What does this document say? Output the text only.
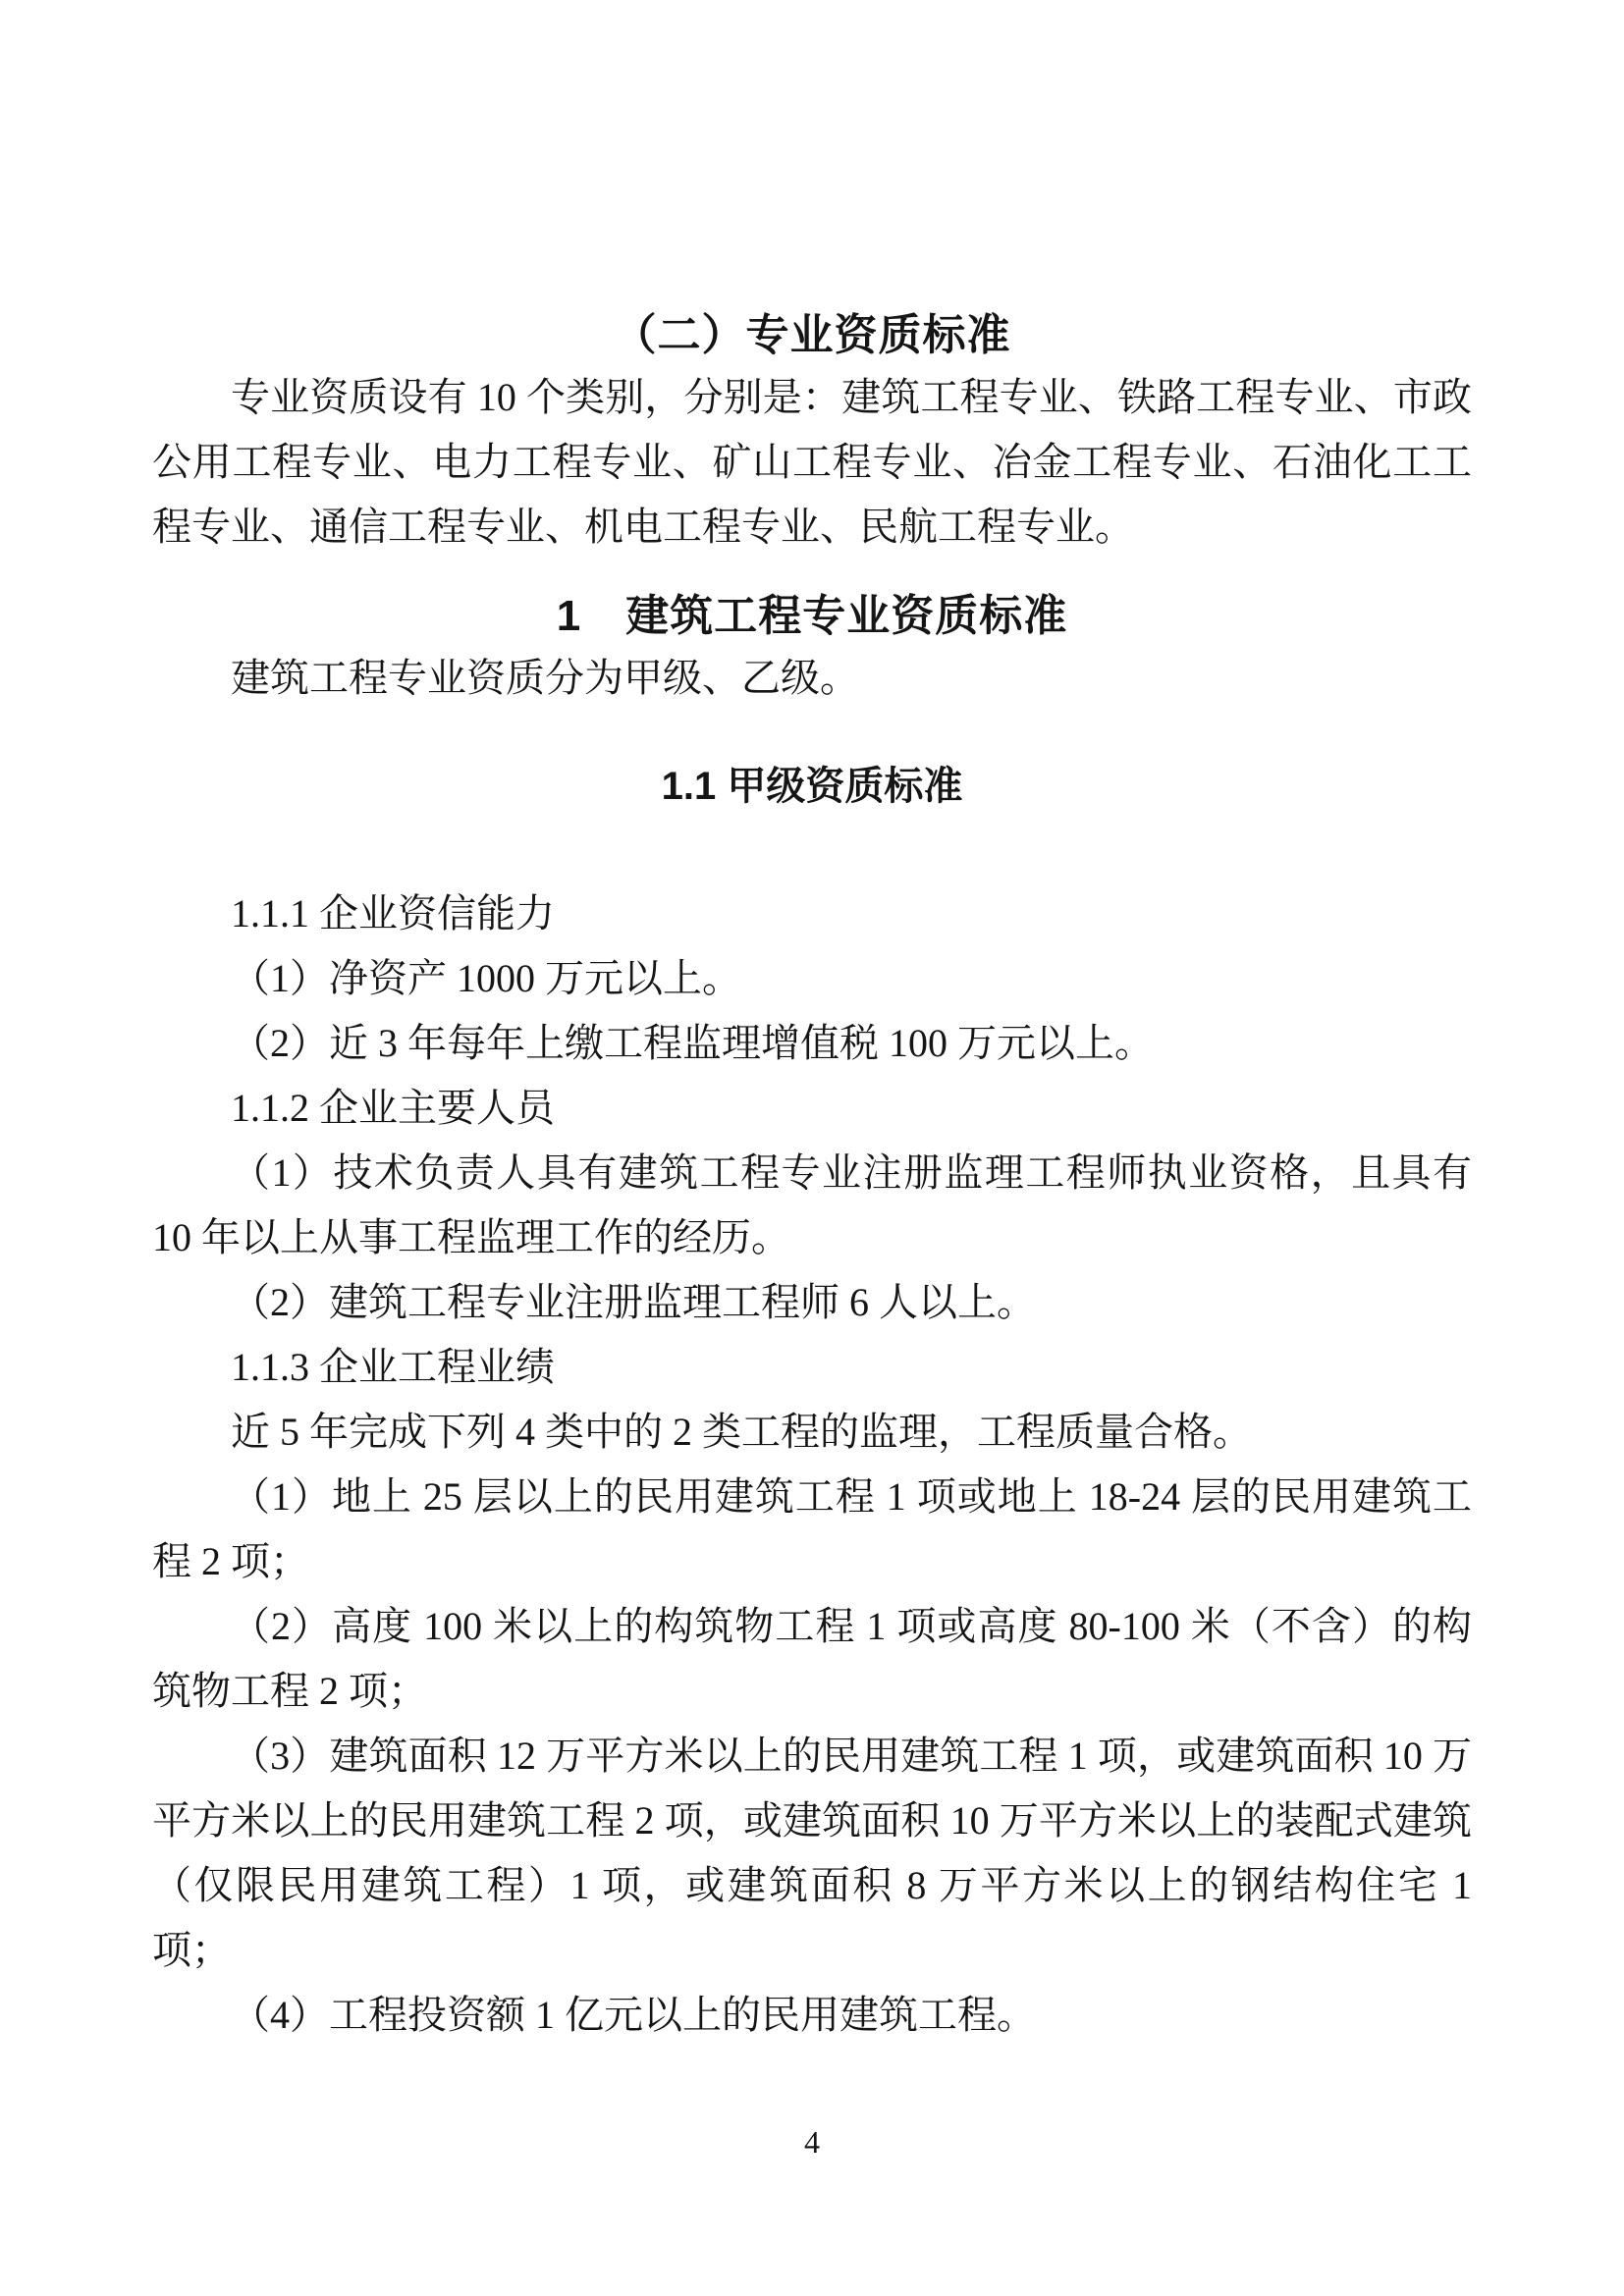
（二）专业资质标准

专业资质设有 10 个类别，分别是：建筑工程专业、铁路工程专业、市政公用工程专业、电力工程专业、矿山工程专业、冶金工程专业、石油化工工程专业、通信工程专业、机电工程专业、民航工程专业。

1　建筑工程专业资质标准

建筑工程专业资质分为甲级、乙级。

1.1 甲级资质标准

1.1.1 企业资信能力

（1）净资产 1000 万元以上。

（2）近 3 年每年上缴工程监理增值税 100 万元以上。

1.1.2 企业主要人员

（1）技术负责人具有建筑工程专业注册监理工程师执业资格，且具有 10 年以上从事工程监理工作的经历。

（2）建筑工程专业注册监理工程师 6 人以上。

1.1.3 企业工程业绩

近 5 年完成下列 4 类中的 2 类工程的监理，工程质量合格。

（1）地上 25 层以上的民用建筑工程 1 项或地上 18-24 层的民用建筑工程 2 项；

（2）高度 100 米以上的构筑物工程 1 项或高度 80-100 米（不含）的构筑物工程 2 项；

（3）建筑面积 12 万平方米以上的民用建筑工程 1 项，或建筑面积 10 万平方米以上的民用建筑工程 2 项，或建筑面积 10 万平方米以上的装配式建筑（仅限民用建筑工程）1 项，或建筑面积 8 万平方米以上的钢结构住宅 1 项；

（4）工程投资额 1 亿元以上的民用建筑工程。

4
